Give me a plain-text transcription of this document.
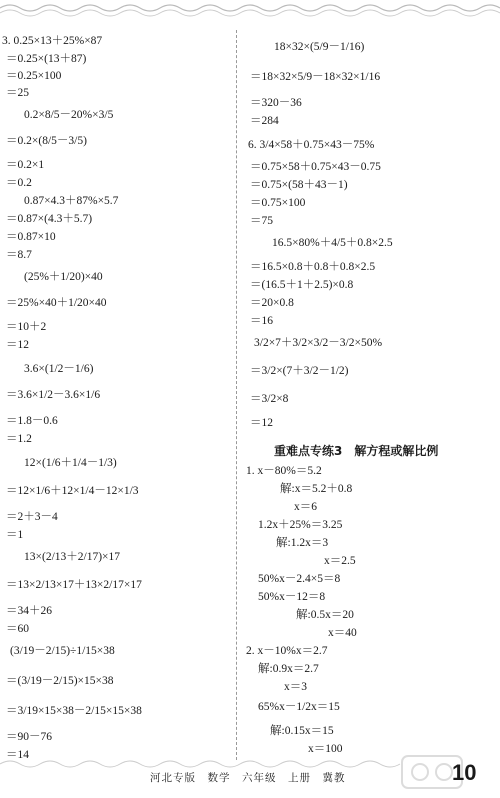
3. 0.25×13＋25%×87
＝0.25×(13＋87)
＝0.25×100
＝25
0.2×8/5－20%×3/5
＝0.2×(8/5－3/5)
＝0.2×1
＝0.2
0.87×4.3＋87%×5.7
＝0.87×(4.3＋5.7)
＝0.87×10
＝8.7
(25%＋1/20)×40
＝25%×40＋1/20×40
＝10＋2
＝12
3.6×(1/2－1/6)
＝3.6×1/2－3.6×1/6
＝1.8－0.6
＝1.2
12×(1/6＋1/4－1/3)
＝12×1/6＋12×1/4－12×1/3
＝2＋3－4
＝1
13×(2/13＋2/17)×17
＝13×2/13×17＋13×2/17×17
＝34＋26
＝60
(3/19－2/15)÷1/15×38
＝(3/19－2/15)×15×38
＝3/19×15×38－2/15×15×38
＝90－76
＝14
18×32×(5/9－1/16)
＝18×32×5/9－18×32×1/16
＝320－36
＝284
6. 3/4×58＋0.75×43－75%
＝0.75×58＋0.75×43－0.75
＝0.75×(58＋43－1)
＝0.75×100
＝75
16.5×80%＋4/5＋0.8×2.5
＝16.5×0.8＋0.8＋0.8×2.5
＝(16.5＋1＋2.5)×0.8
＝20×0.8
＝16
3/2×7＋3/2×3/2－3/2×50%
＝3/2×(7＋3/2－1/2)
＝3/2×8
＝12
重难点专练3　解方程或解比例
1. x－80%＝5.2
解:x＝5.2＋0.8
x＝6
1.2x＋25%＝3.25
解:1.2x＝3
x＝2.5
50%x－2.4×5＝8
50%x－12＝8
解:0.5x＝20
x＝40
2. x－10%x＝2.7
解:0.9x＝2.7
x＝3
65%x－1/2x＝15
解:0.15x＝15
x＝100
河北专版　数学　六年级　上册　冀教	10
